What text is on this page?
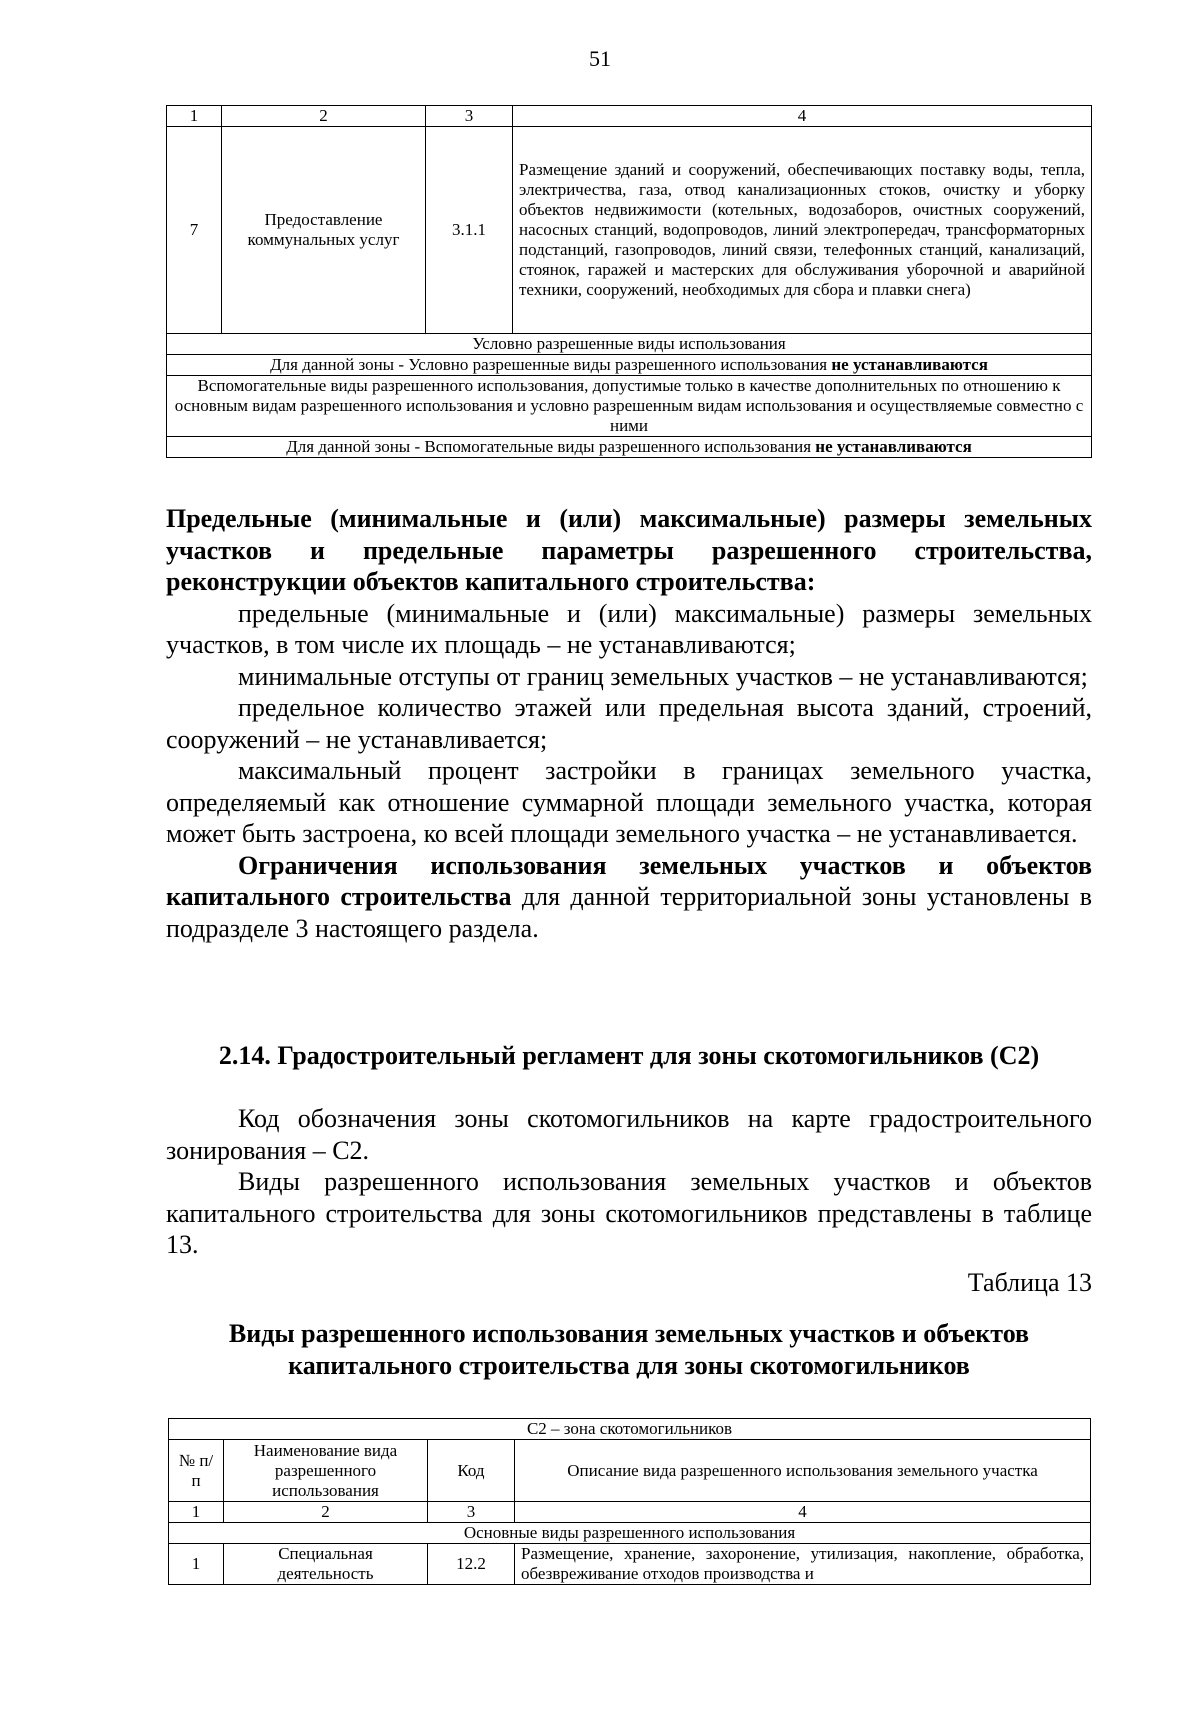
51
1	2	3	4
7	Предоставление коммунальных услуг	3.1.1	Размещение зданий и сооружений, обеспечивающих поставку воды, тепла, электричества, газа, отвод канализационных стоков, очистку и уборку объектов недвижимости (котельных, водозаборов, очистных сооружений, насосных станций, водопроводов, линий электропередач, трансформаторных подстанций, газопроводов, линий связи, телефонных станций, канализаций, стоянок, гаражей и мастерских для обслуживания уборочной и аварийной техники, сооружений, необходимых для сбора и плавки снега)
Условно разрешенные виды использования			
Для данной зоны - Условно разрешенные виды разрешенного использования не устанавливаются			
Вспомогательные виды разрешенного использования, допустимые только в качестве дополнительных по отношению к основным видам разрешенного использования и условно разрешенным видам использования и осуществляемые совместно с ними			
Для данной зоны - Вспомогательные виды разрешенного использования не устанавливаются			

Предельные (минимальные и (или) максимальные) размеры земельных участков и предельные параметры разрешенного строительства, реконструкции объектов капитального строительства:

предельные (минимальные и (или) максимальные) размеры земельных участков, в том числе их площадь – не устанавливаются;

минимальные отступы от границ земельных участков – не устанавливаются;

предельное количество этажей или предельная высота зданий, строений, сооружений – не устанавливается;

максимальный процент застройки в границах земельного участка, определяемый как отношение суммарной площади земельного участка, которая может быть застроена, ко всей площади земельного участка – не устанавливается.

Ограничения использования земельных участков и объектов капитального строительства для данной территориальной зоны установлены в подразделе 3 настоящего раздела.

2.14. Градостроительный регламент для зоны скотомогильников (С2)

Код обозначения зоны скотомогильников на карте градостроительного зонирования – С2.

Виды разрешенного использования земельных участков и объектов капитального строительства для зоны скотомогильников представлены в таблице 13.

Таблица 13

Виды разрешенного использования земельных участков и объектов капитального строительства для зоны скотомогильников

С2 – зона скотомогильников			
№ п/п	Наименование вида разрешенного использования	Код	Описание вида разрешенного использования земельного участка
1	2	3	4
Основные виды разрешенного использования			
1	Специальная деятельность	12.2	Размещение, хранение, захоронение, утилизация, накопление, обработка, обезвреживание отходов производства и
